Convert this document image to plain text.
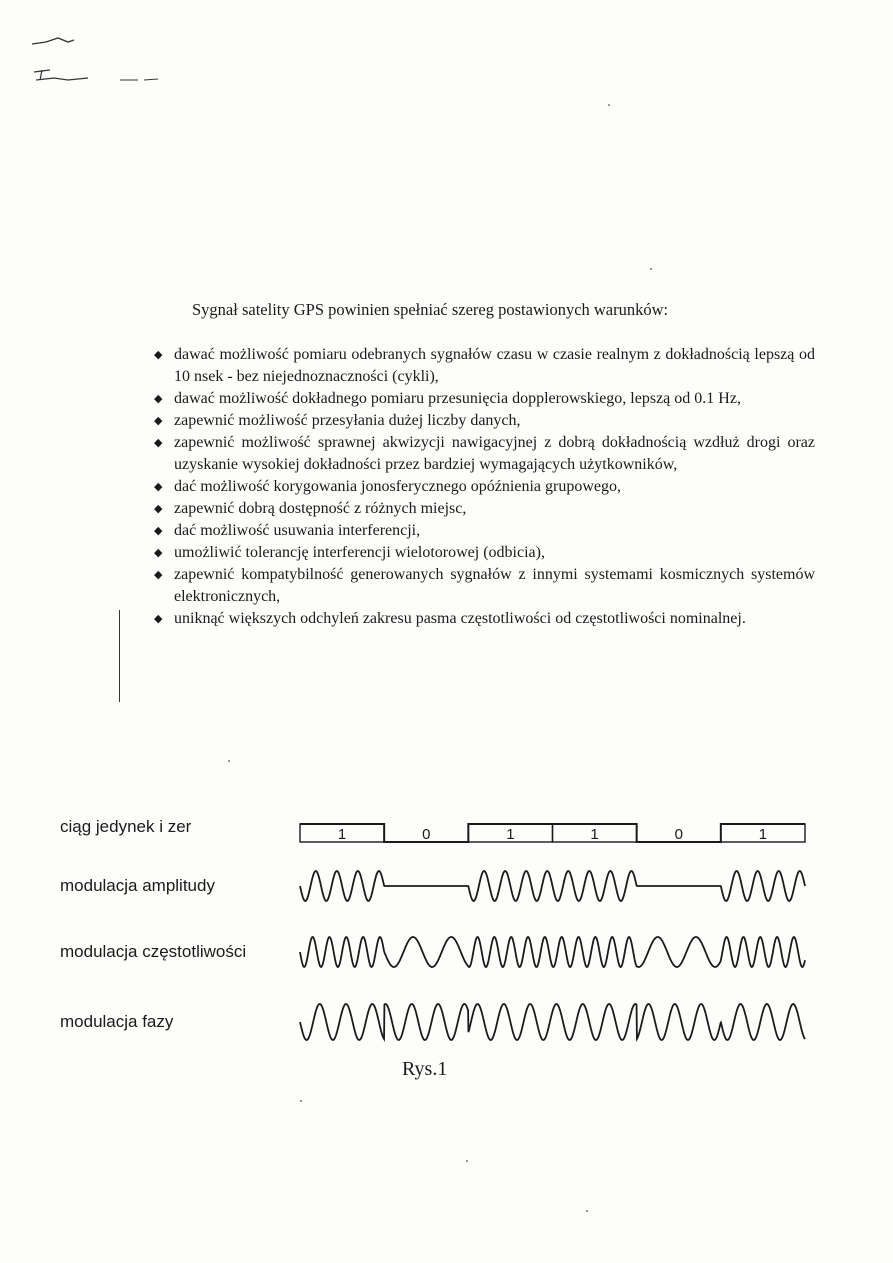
Sygnał satelity GPS powinien spełniać szereg postawionych warunków:
◆ dawać możliwość pomiaru odebranych sygnałów czasu w czasie realnym z dokładnością lepszą od 10 nsek - bez niejednoznaczności (cykli),
◆ dawać możliwość dokładnego pomiaru przesunięcia dopplerowskiego, lepszą od 0.1 Hz,
◆ zapewnić możliwość przesyłania dużej liczby danych,
◆ zapewnić możliwość sprawnej akwizycji nawigacyjnej z dobrą dokładnością wzdłuż drogi oraz uzyskanie wysokiej dokładności przez bardziej wymagających użytkowników,
◆ dać możliwość korygowania jonosferycznego opóźnienia grupowego,
◆ zapewnić dobrą dostępność z różnych miejsc,
◆ dać możliwość usuwania interferencji,
◆ umożliwić tolerancję interferencji wielotorowej (odbicia),
◆ zapewnić kompatybilność generowanych sygnałów z innymi systemami kosmicznych systemów elektronicznych,
◆ uniknąć większych odchyleń zakresu pasma częstotliwości od częstotliwości nominalnej.
ciąg jedynek i zer
modulacja amplitudy
modulacja częstotliwości
modulacja fazy
1	0	1	1	0	1

Rys.1
